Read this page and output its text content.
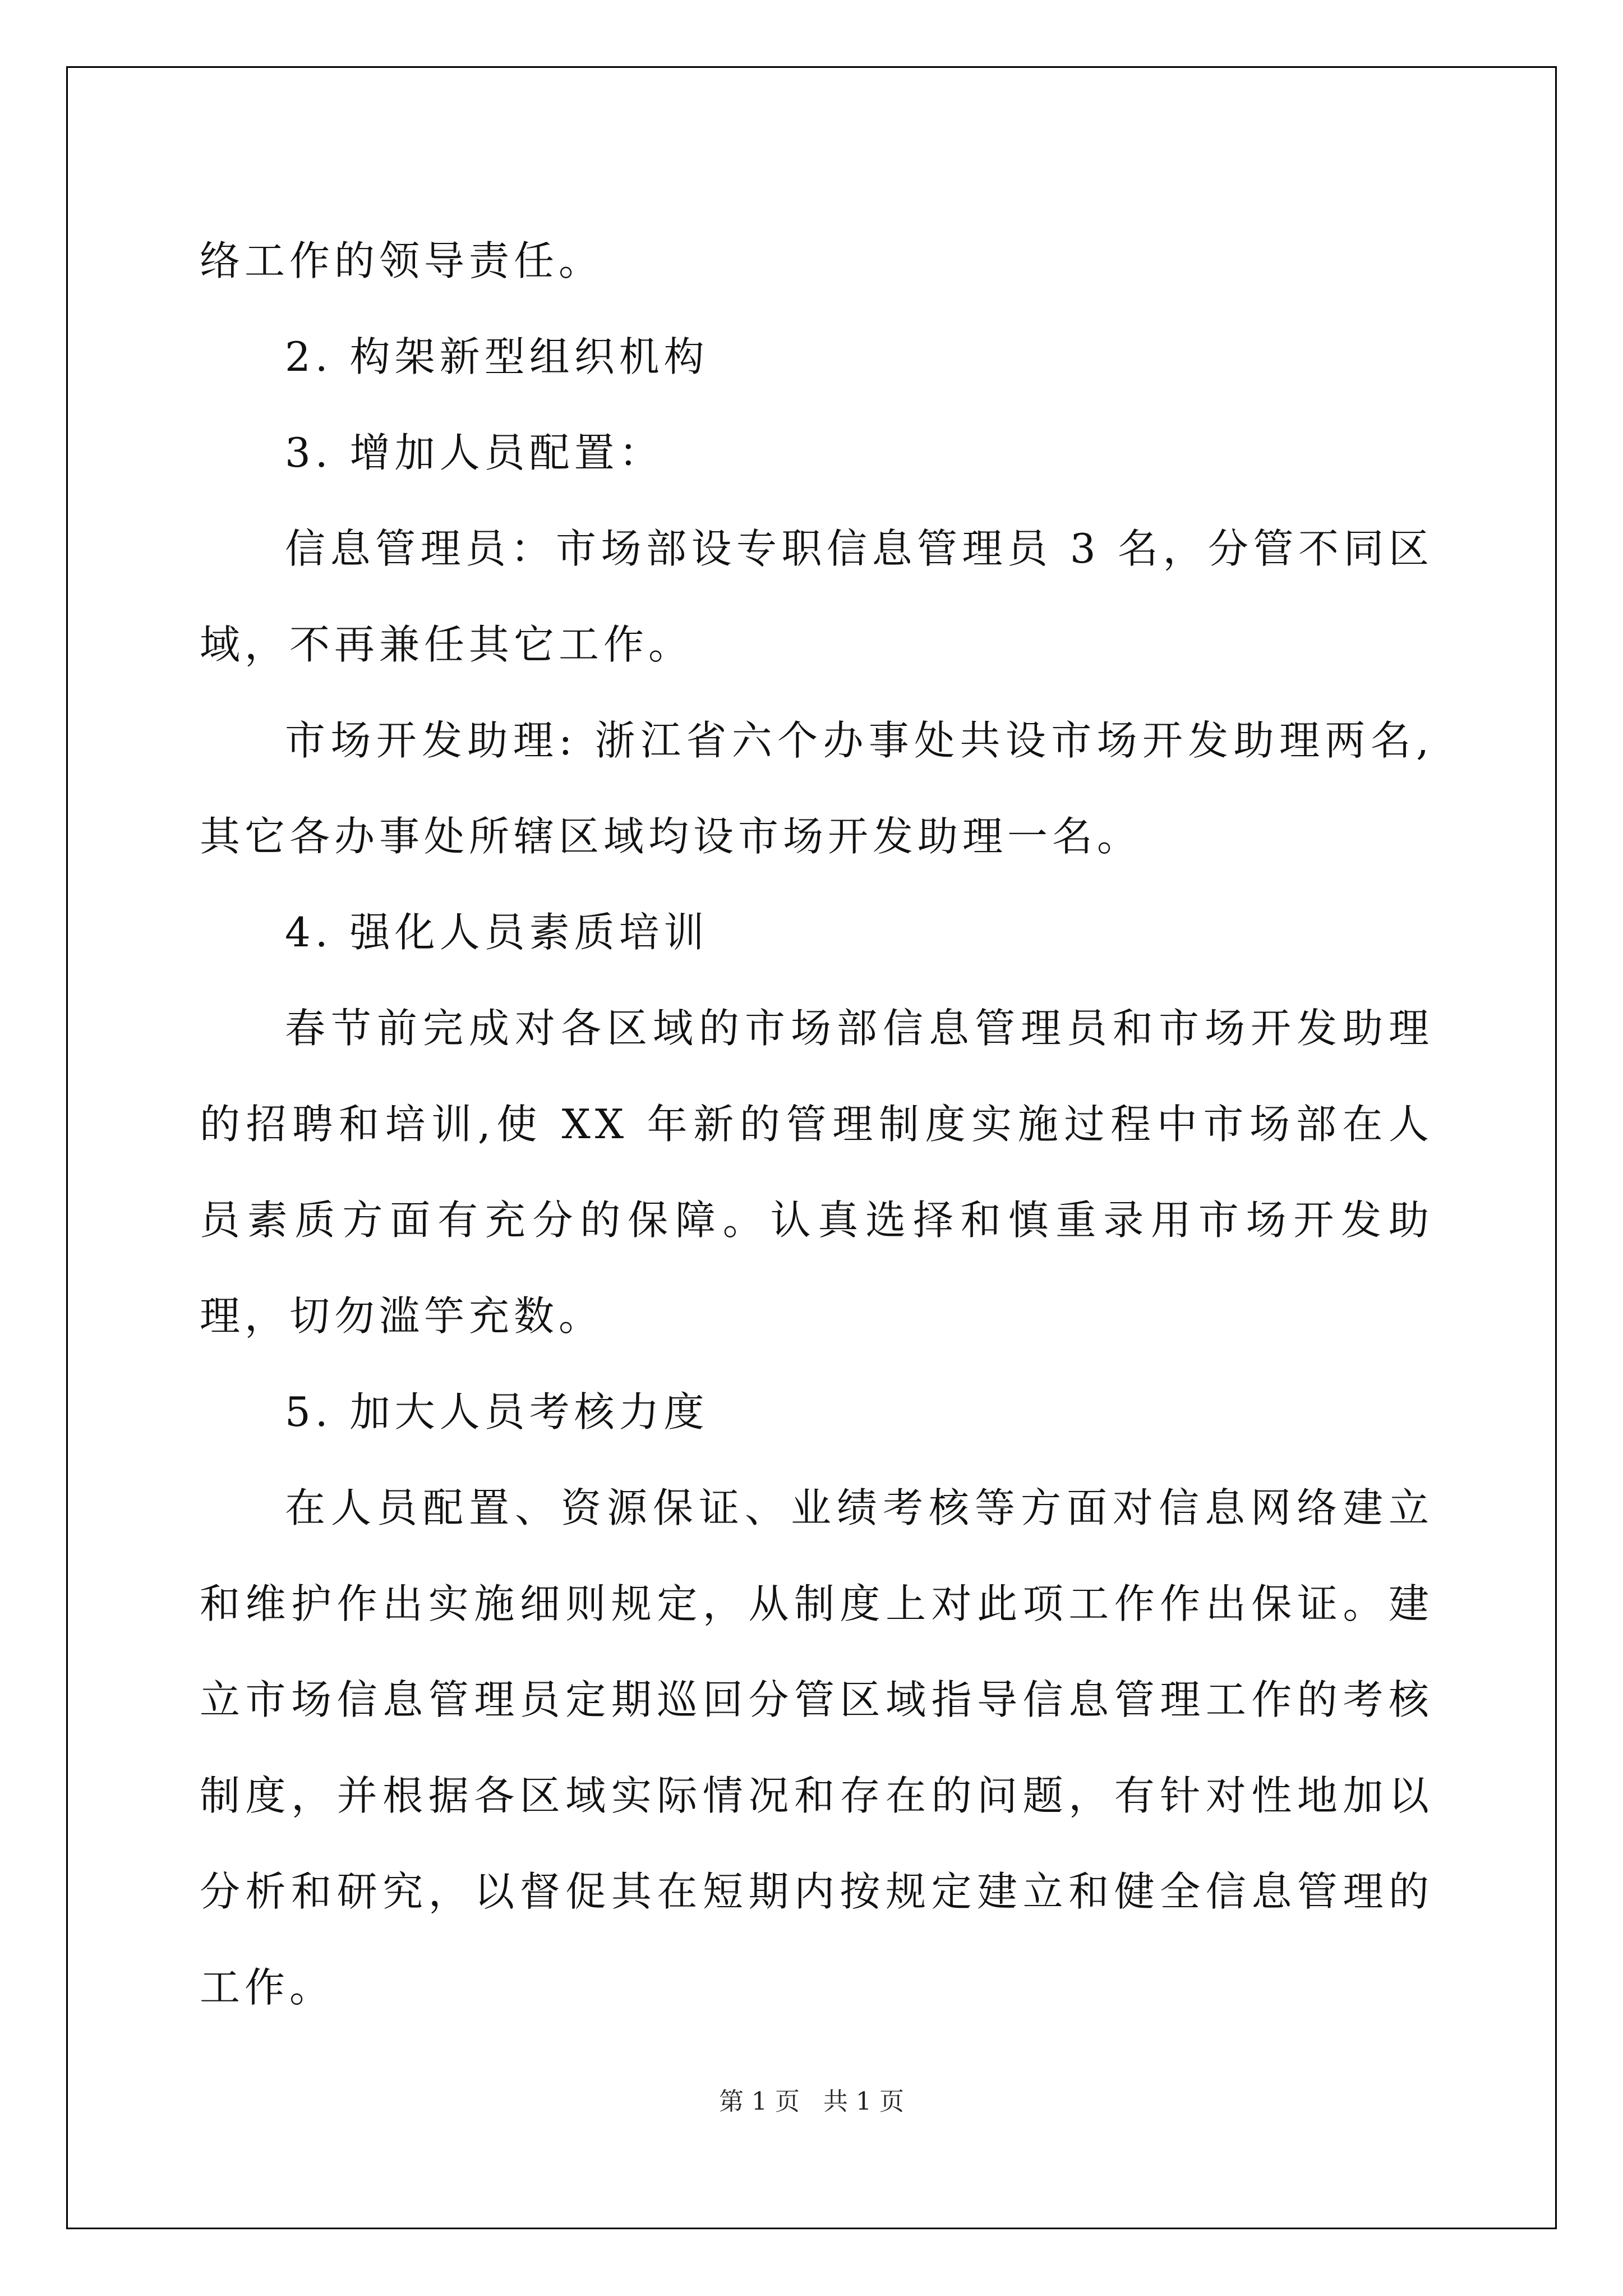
络工作的领导责任。

2. 构架新型组织机构

3. 增加人员配置：

信息管理员：市场部设专职信息管理员 3 名，分管不同区域，不再兼任其它工作。

市场开发助理: 浙江省六个办事处共设市场开发助理两名,其它各办事处所辖区域均设市场开发助理一名。

4. 强化人员素质培训

春节前完成对各区域的市场部信息管理员和市场开发助理的招聘和培训,使 XX 年新的管理制度实施过程中市场部在人员素质方面有充分的保障。认真选择和慎重录用市场开发助理，切勿滥竽充数。

5. 加大人员考核力度

在人员配置、资源保证、业绩考核等方面对信息网络建立和维护作出实施细则规定，从制度上对此项工作作出保证。建立市场信息管理员定期巡回分管区域指导信息管理工作的考核制度，并根据各区域实际情况和存在的问题，有针对性地加以分析和研究，以督促其在短期内按规定建立和健全信息管理的工作。

第 1 页   共 1 页
